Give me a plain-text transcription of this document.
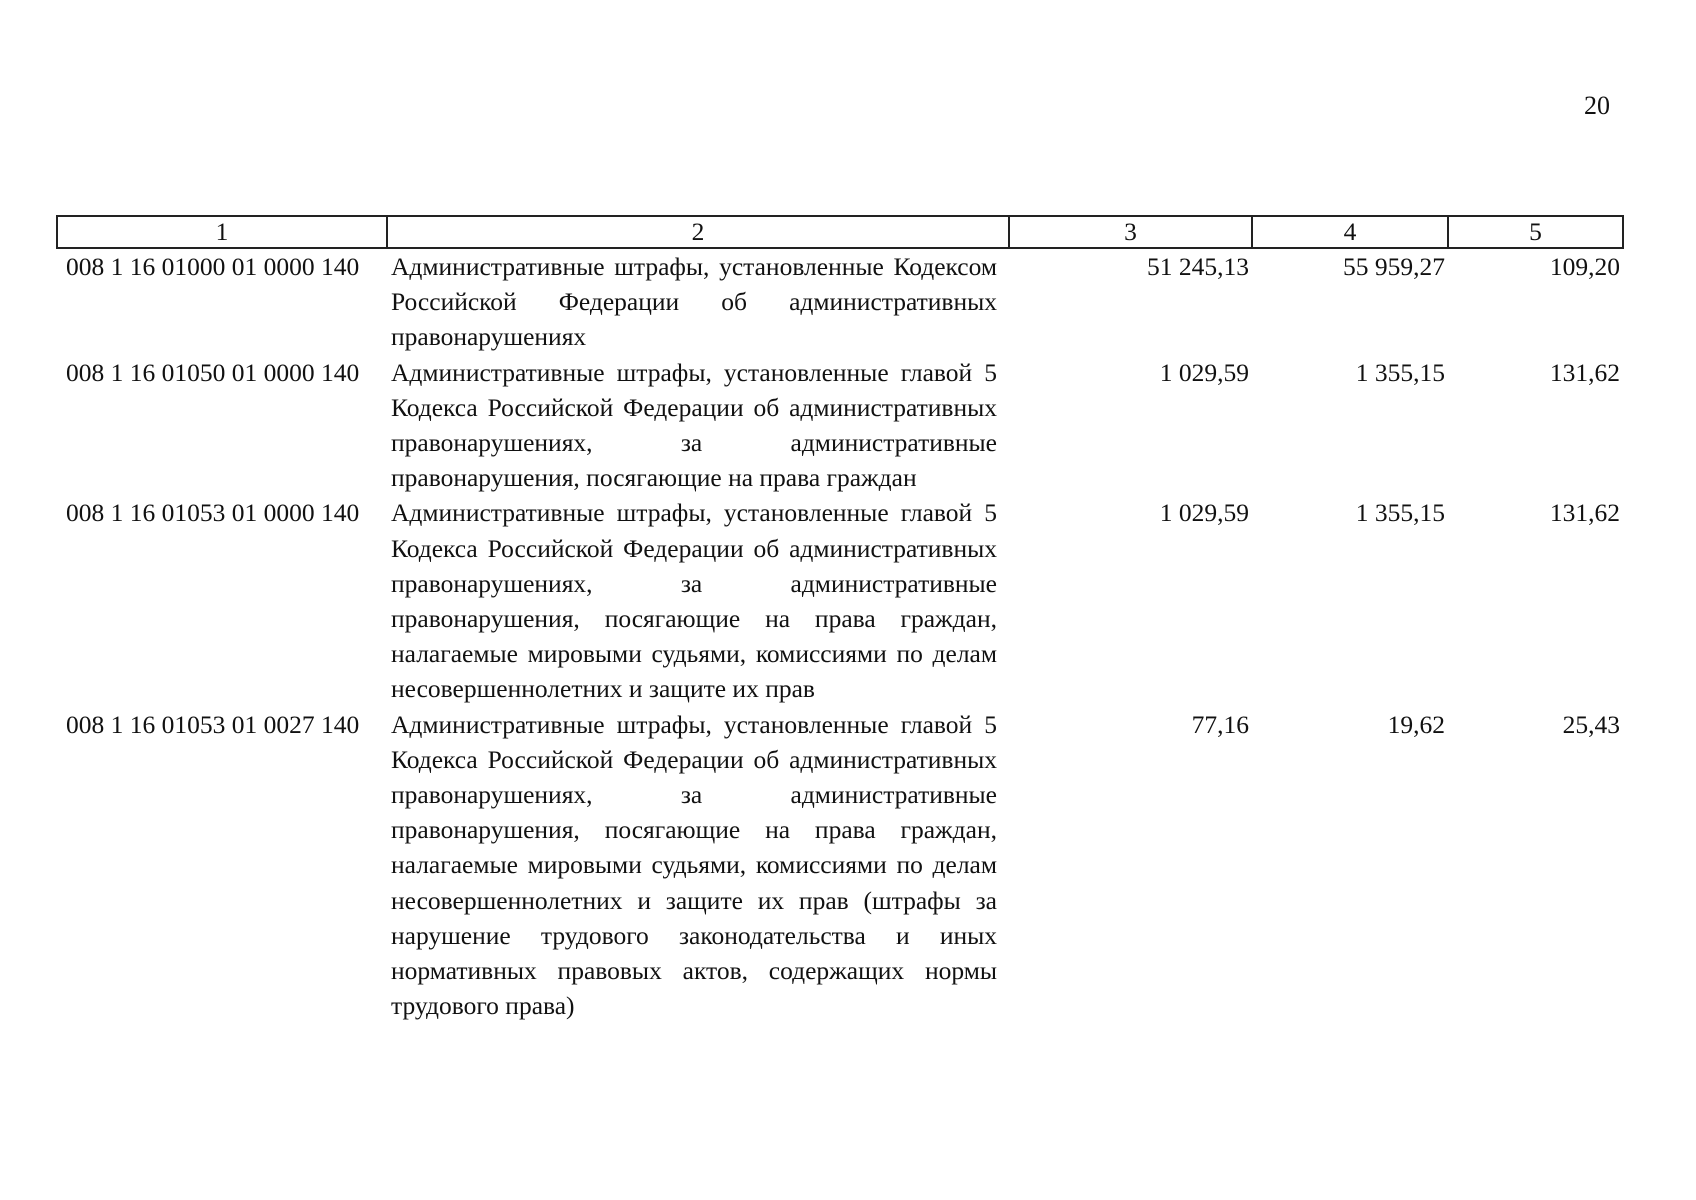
20
1	2	3	4	5
008 1 16 01000 01 0000 140	Административные штрафы, установленные Кодексом Российской Федерации об административных правонарушениях	51 245,13	55 959,27	109,20
008 1 16 01050 01 0000 140	Административные штрафы, установленные главой 5 Кодекса Российской Федерации об административных правонарушениях, за административные правонарушения, посягающие на права граждан	1 029,59	1 355,15	131,62
008 1 16 01053 01 0000 140	Административные штрафы, установленные главой 5 Кодекса Российской Федерации об административных правонарушениях, за административные правонарушения, посягающие на права граждан, налагаемые мировыми судьями, комиссиями по делам несовершеннолетних и защите их прав	1 029,59	1 355,15	131,62
008 1 16 01053 01 0027 140	Административные штрафы, установленные главой 5 Кодекса Российской Федерации об административных правонарушениях, за административные правонарушения, посягающие на права граждан, налагаемые мировыми судьями, комиссиями по делам несовершеннолетних и защите их прав (штрафы за нарушение трудового законодательства и иных нормативных правовых актов, содержащих нормы трудового права)	77,16	19,62	25,43
